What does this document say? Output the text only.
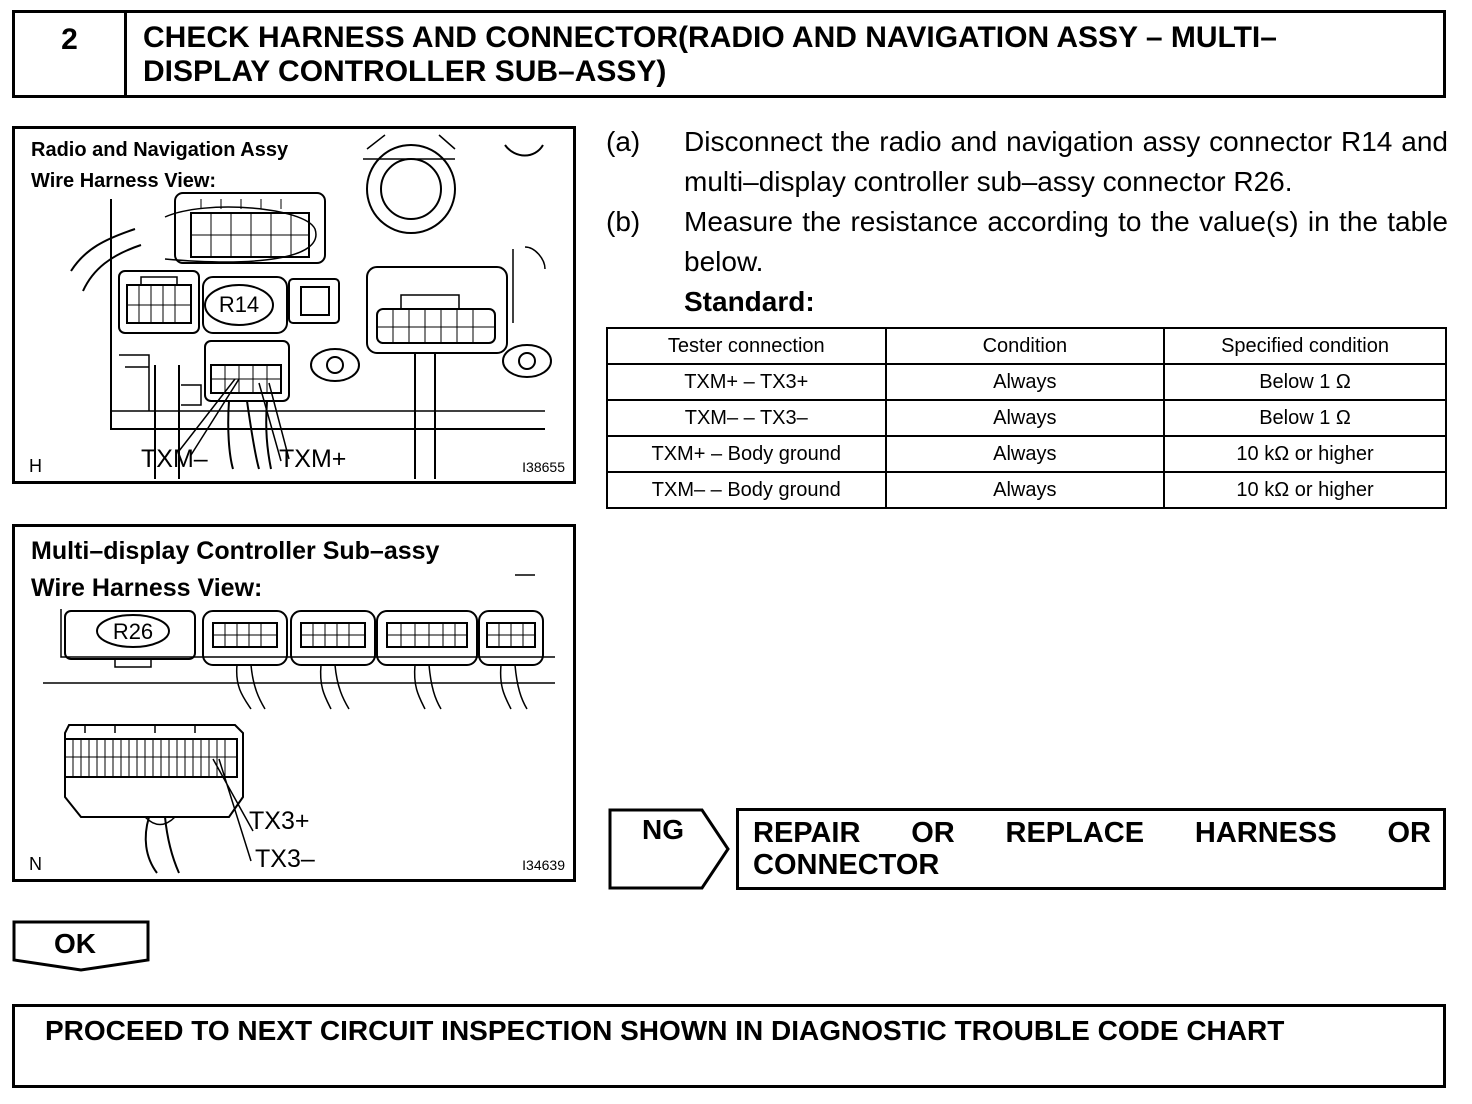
2	CHECK HARNESS AND CONNECTOR(RADIO AND NAVIGATION ASSY – MULTI–DISPLAY CONTROLLER SUB–ASSY)
R14
Radio and Navigation Assy
Wire Harness View:
TXM–	TXM+
H	I38655
R26
Multi–display Controller Sub–assy
Wire Harness View:
TX3+
TX3–
N	I34639
(a) Disconnect the radio and navigation assy connector R14 and multi–display controller sub–assy connector R26.
(b) Measure the resistance according to the value(s) in the table below.
Standard:
Tester connection	Condition	Specified condition
TXM+ – TX3+	Always	Below 1 Ω
TXM– – TX3–	Always	Below 1 Ω
TXM+ – Body ground	Always	10 kΩ or higher
TXM– – Body ground	Always	10 kΩ or higher
NG REPAIR OR REPLACE HARNESS OR CONNECTOR
OK
PROCEED TO NEXT CIRCUIT INSPECTION SHOWN IN DIAGNOSTIC TROUBLE CODE CHART
